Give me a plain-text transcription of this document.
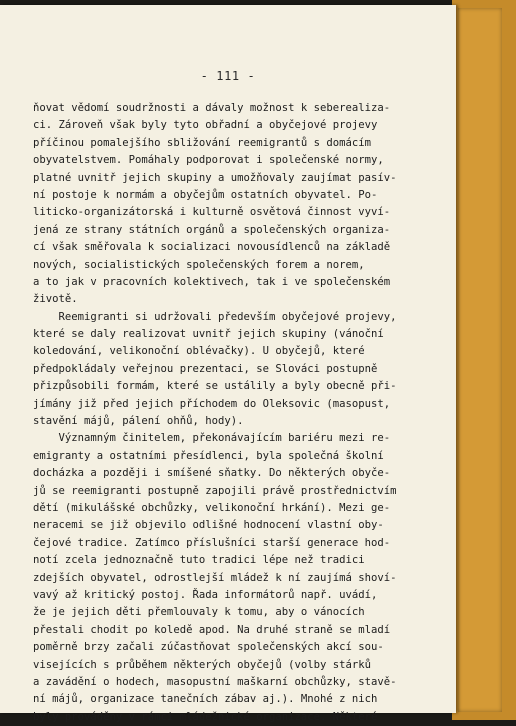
- 111 -
ňovat vědomí soudržnosti a dávaly možnost k seberealiza-
ci. Zároveň však byly tyto obřadní a obyčejové projevy
příčinou pomalejšího sbližování reemigrantů s domácím
obyvatelstvem. Pomáhaly podporovat i společenské normy,
platné uvnitř jejich skupiny a umožňovaly zaujímat pasív-
ní postoje k normám a obyčejům ostatních obyvatel. Po-
liticko-organizátorská i kulturně osvětová činnost vyví-
jená ze strany státních orgánů a společenských organiza-
cí však směřovala k socializaci novousídlenců na základě
nových, socialistických společenských forem a norem,
a to jak v pracovních kolektivech, tak i ve společenském
životě.
Reemigranti si udržovali především obyčejové projevy,
které se daly realizovat uvnitř jejich skupiny (vánoční
koledování, velikonoční oblévačky). U obyčejů, které
předpokládaly veřejnou prezentaci, se Slováci postupně
přizpůsobili formám, které se ustálily a byly obecně při-
jímány již před jejich příchodem do Oleksovic (masopust,
stavění májů, pálení ohňů, hody).
Významným činitelem, překonávajícím bariéru mezi re-
emigranty a ostatními přesídlenci, byla společná školní
docházka a později i smíšené sňatky. Do některých obyče-
jů se reemigranti postupně zapojili právě prostřednictvím
dětí (mikulášské obchůzky, velikonoční hrkání). Mezi ge-
neracemi se již objevilo odlišné hodnocení vlastní oby-
čejové tradice. Zatímco příslušníci starší generace hod-
notí zcela jednoznačně tuto tradici lépe než tradici
zdejších obyvatel, odrostlejší mládež k ní zaujímá shoví-
vavý až kritický postoj. Řada informátorů např. uvádí,
že je jejich děti přemlouvaly k tomu, aby o vánocích
přestali chodit po koledě apod. Na druhé straně se mladí
poměrně brzy začali zúčastňovat společenských akcí sou-
visejících s průběhem některých obyčejů (volby stárků
a zavádění o hodech, masopustní maškarní obchůzky, stavě-
ní májů, organizace tanečních zábav aj.). Mnohé z nich
byly prováděny v rámci mládežnické organizace. Některé
